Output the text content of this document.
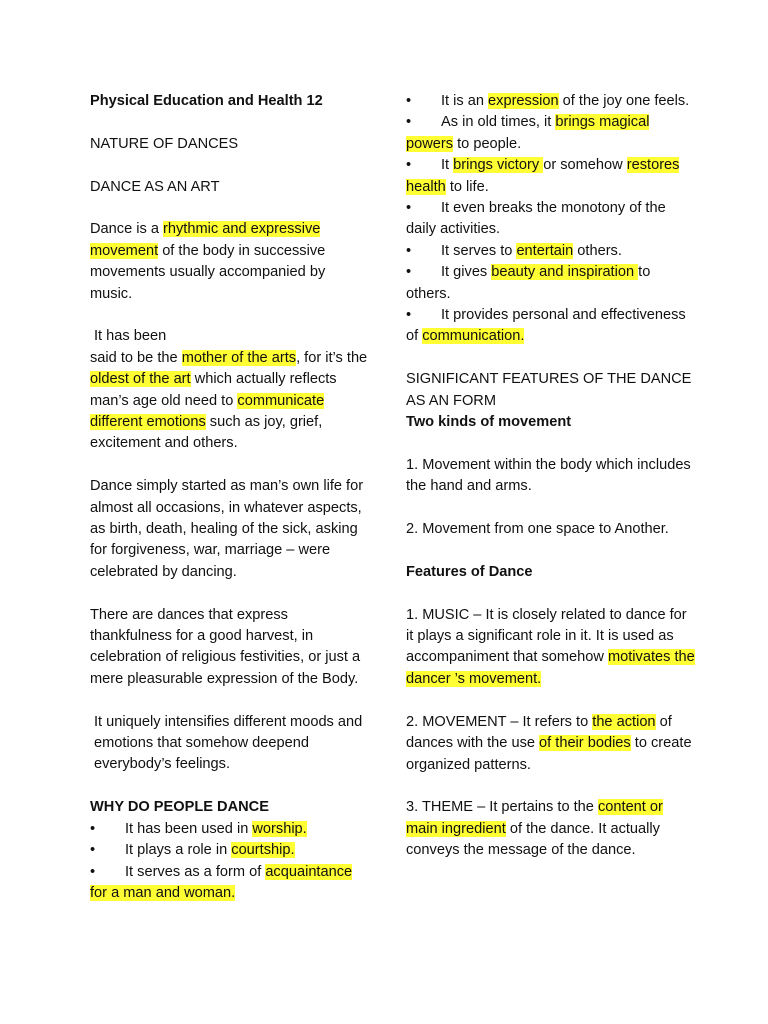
Physical Education and Health 12

NATURE OF DANCES

DANCE AS AN ART

Dance is a rhythmic and expressive movement of the body in successive movements usually accompanied by music.

It has been

said to be the mother of the arts, for it’s the oldest of the art which actually reflects man’s age old need to communicate different emotions such as joy, grief, excitement and others.

Dance simply started as man’s own life for almost all occasions, in whatever aspects, as birth, death, healing of the sick, asking for forgiveness, war, marriage – were celebrated by dancing.

There are dances that express thankfulness for a good harvest, in celebration of religious festivities, or just a mere pleasurable expression of the Body.

It uniquely intensifies different moods and emotions that somehow deepend everybody’s feelings.

WHY DO PEOPLE DANCE

• It has been used in worship.

• It plays a role in courtship.

• It serves as a form of acquaintance for a man and woman.

• It is an expression of the joy one feels.

• As in old times, it brings magical powers to people.

• It brings victory or somehow restores health to life.

• It even breaks the monotony of the daily activities.

• It serves to entertain others.

• It gives beauty and inspiration to others.

• It provides personal and effectiveness of communication.

SIGNIFICANT FEATURES OF THE DANCE AS AN FORM

Two kinds of movement

1. Movement within the body which includes the hand and arms.

2. Movement from one space to Another.

Features of Dance

1. MUSIC – It is closely related to dance for it plays a significant role in it. It is used as accompaniment that somehow motivates the dancer ’s movement.

2. MOVEMENT – It refers to the action of dances with the use of their bodies to create organized patterns.

3. THEME – It pertains to the content or main ingredient of the dance. It actually conveys the message of the dance.
